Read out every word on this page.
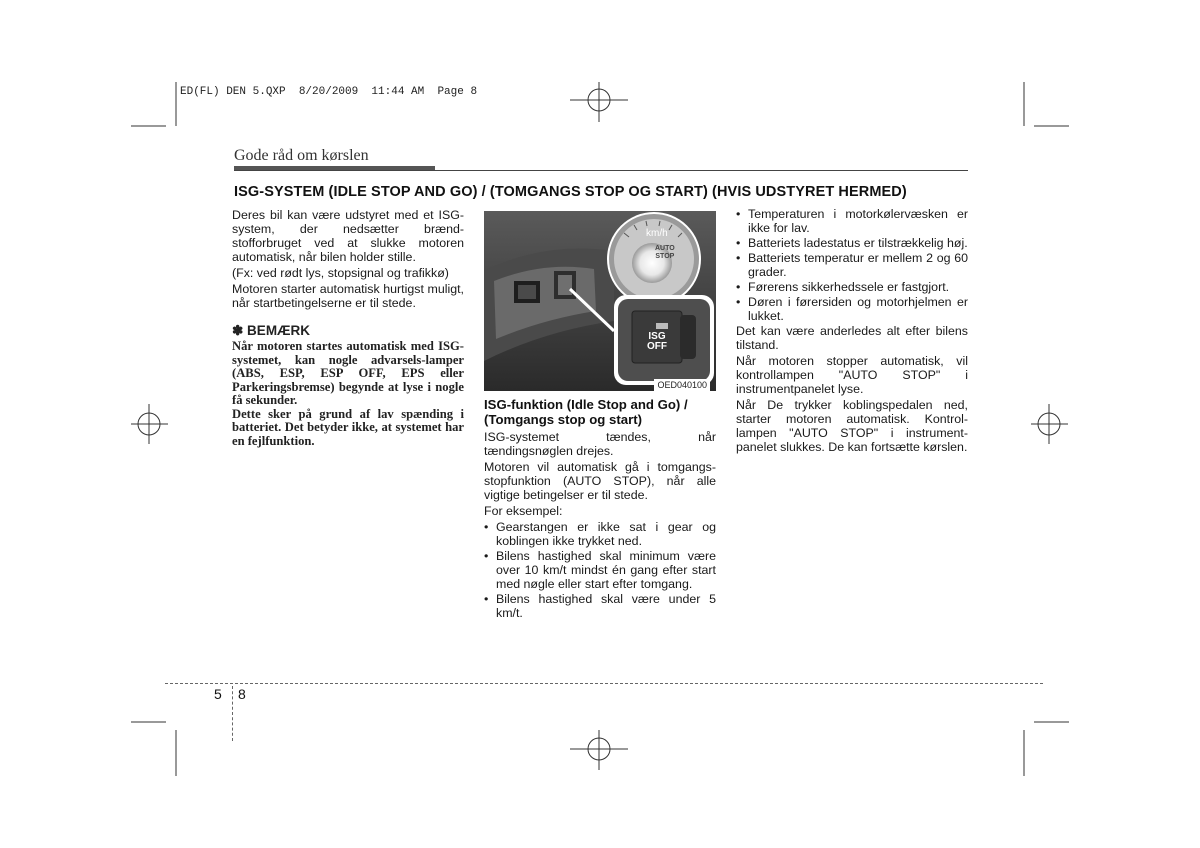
ED(FL) DEN 5.QXP  8/20/2009  11:44 AM  Page 8
Gode råd om kørslen
ISG-SYSTEM (IDLE STOP AND GO) / (TOMGANGS STOP OG START) (HVIS UDSTYRET HERMED)

Deres bil kan være udstyret med et ISG-system, der nedsætter brænd-stofforbruget ved at slukke motoren automatisk, når bilen holder stille.

(Fx: ved rødt lys, stopsignal og trafikkø)

Motoren starter automatisk hurtigst muligt, når startbetingelserne er til stede.

✽ BEMÆRK

Når motoren startes automatisk med ISG-systemet, kan nogle advarsels-lamper (ABS, ESP, ESP OFF, EPS eller Parkeringsbremse) begynde at lyse i nogle få sekunder.

Dette sker på grund af lav spænding i batteriet. Det betyder ikke, at systemet har en fejlfunktion.

km/h
AUTO
STOP
ISG
OFF
OED040100
ISG-funktion (Idle Stop and Go) / (Tomgangs stop og start)

ISG-systemet tændes, når tændingsnøglen drejes.

Motoren vil automatisk gå i tomgangs-stopfunktion (AUTO STOP), når alle vigtige betingelser er til stede.

For eksempel:

• Gearstangen er ikke sat i gear og koblingen ikke trykket ned.
• Bilens hastighed skal minimum være over 10 km/t mindst én gang efter start med nøgle eller start efter tomgang.
• Bilens hastighed skal være under 5 km/t.
• Temperaturen i motorkølervæsken er ikke for lav.
• Batteriets ladestatus er tilstrækkelig høj.
• Batteriets temperatur er mellem 2 og 60 grader.
• Førerens sikkerhedssele er fastgjort.
• Døren i førersiden og motorhjelmen er lukket.

Det kan være anderledes alt efter bilens tilstand.

Når motoren stopper automatisk, vil kontrollampen "AUTO STOP" i instrumentpanelet lyse.

Når De trykker koblingspedalen ned, starter motoren automatisk. Kontrol-lampen "AUTO STOP" i instrument-panelet slukkes. De kan fortsætte kørslen.

5 8
